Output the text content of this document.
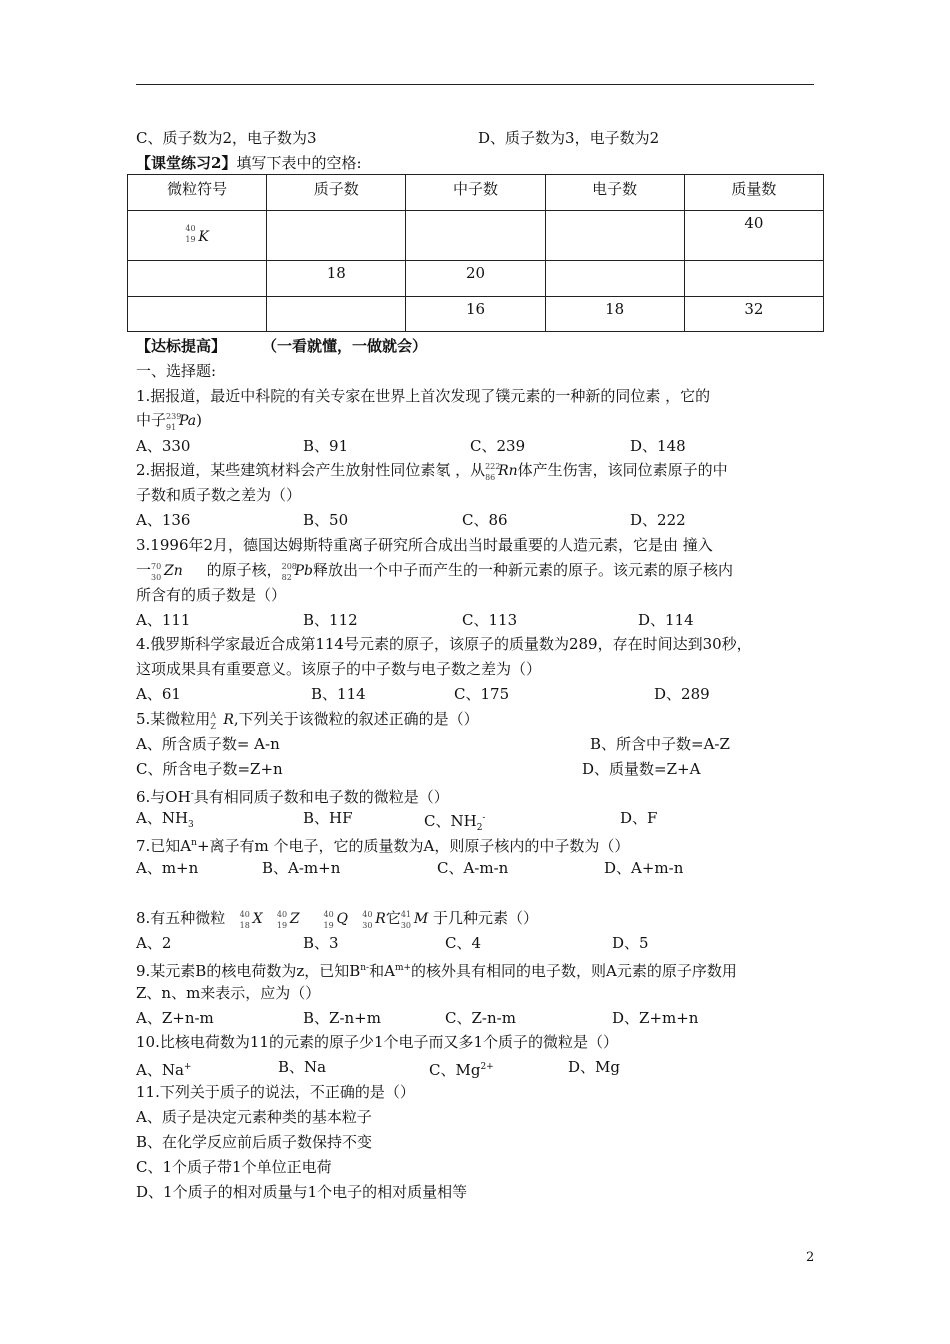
C、质子数为2，电子数为3	D、质子数为3，电子数为2
【课堂练习2】填写下表中的空格:
微粒符号	质子数	中子数	电子数	质量数

40
19 K				40
	18	20		
		16	18	32
【达标提高】 （一看就懂，一做就会）
一、选择题:
1.据报道，最近中科院的有关专家在世界上首次发现了镤元素的一种新的同位素 ，它的
中子 239
91 Pa)
A、330	B、91	C、239	D、148
2.据报道，某些建筑材料会产生放射性同位素氡 ，从 222
86 Rn体产生伤害，该同位素原子的中
子数和质子数之差为（）
A、136	B、50	C、86	D、222
3.1996年2月，德国达姆斯特重离子研究所合成出当时最重要的人造元素，它是由 撞入
一 70
30 Zn 的原子核， 208
82 Pb释放出一个中子而产生的一种新元素的原子。该元素的原子核内
所含有的质子数是（）
A、111	B、112	C、113	D、114
4.俄罗斯科学家最近合成第114号元素的原子，该原子的质量数为289，存在时间达到30秒，
这项成果具有重要意义。该原子的中子数与电子数之差为（）
A、61	B、114	C、175	D、289
5.某微粒用 A
Z R,下列关于该微粒的叙述正确的是（）
A、所含质子数= A-n	B、所含中子数=A-Z
C、所含电子数=Z+n	D、质量数=Z+A
6.与OH-具有相同质子数和电子数的微粒是（）
A、$NH_3$	B、HF	C、$NH_2^-$	D、F
7.已知$A^n+$离子有m 个电子，它的质量数为A，则原子核内的中子数为（）
A、m+n	B、A-m+n	C、A-m-n	D、A+m-n
8.有五种微粒 40
18 X 40
19 Z	40
19 Q 40
30 R它 41
30 M 于几种元素（）
A、2	B、3	C、4	D、5
9.某元素B的核电荷数为z，已知$B^{n-}$和$A^{m+}$的核外具有相同的电子数，则A元素的原子序数用
Z、n、m来表示，应为（）
A、Z+n-m	B、Z-n+m	C、Z-n-m	D、Z+m+n
10.比核电荷数为11的元素的原子少1个电子而又多1个质子的微粒是（）
A、Na+	B、Na	C、$Mg^{2+}$	D、Mg
11.下列关于质子的说法，不正确的是（）
A、质子是决定元素种类的基本粒子
B、在化学反应前后质子数保持不变
C、1个质子带1个单位正电荷
D、1个质子的相对质量与1个电子的相对质量相等
2
